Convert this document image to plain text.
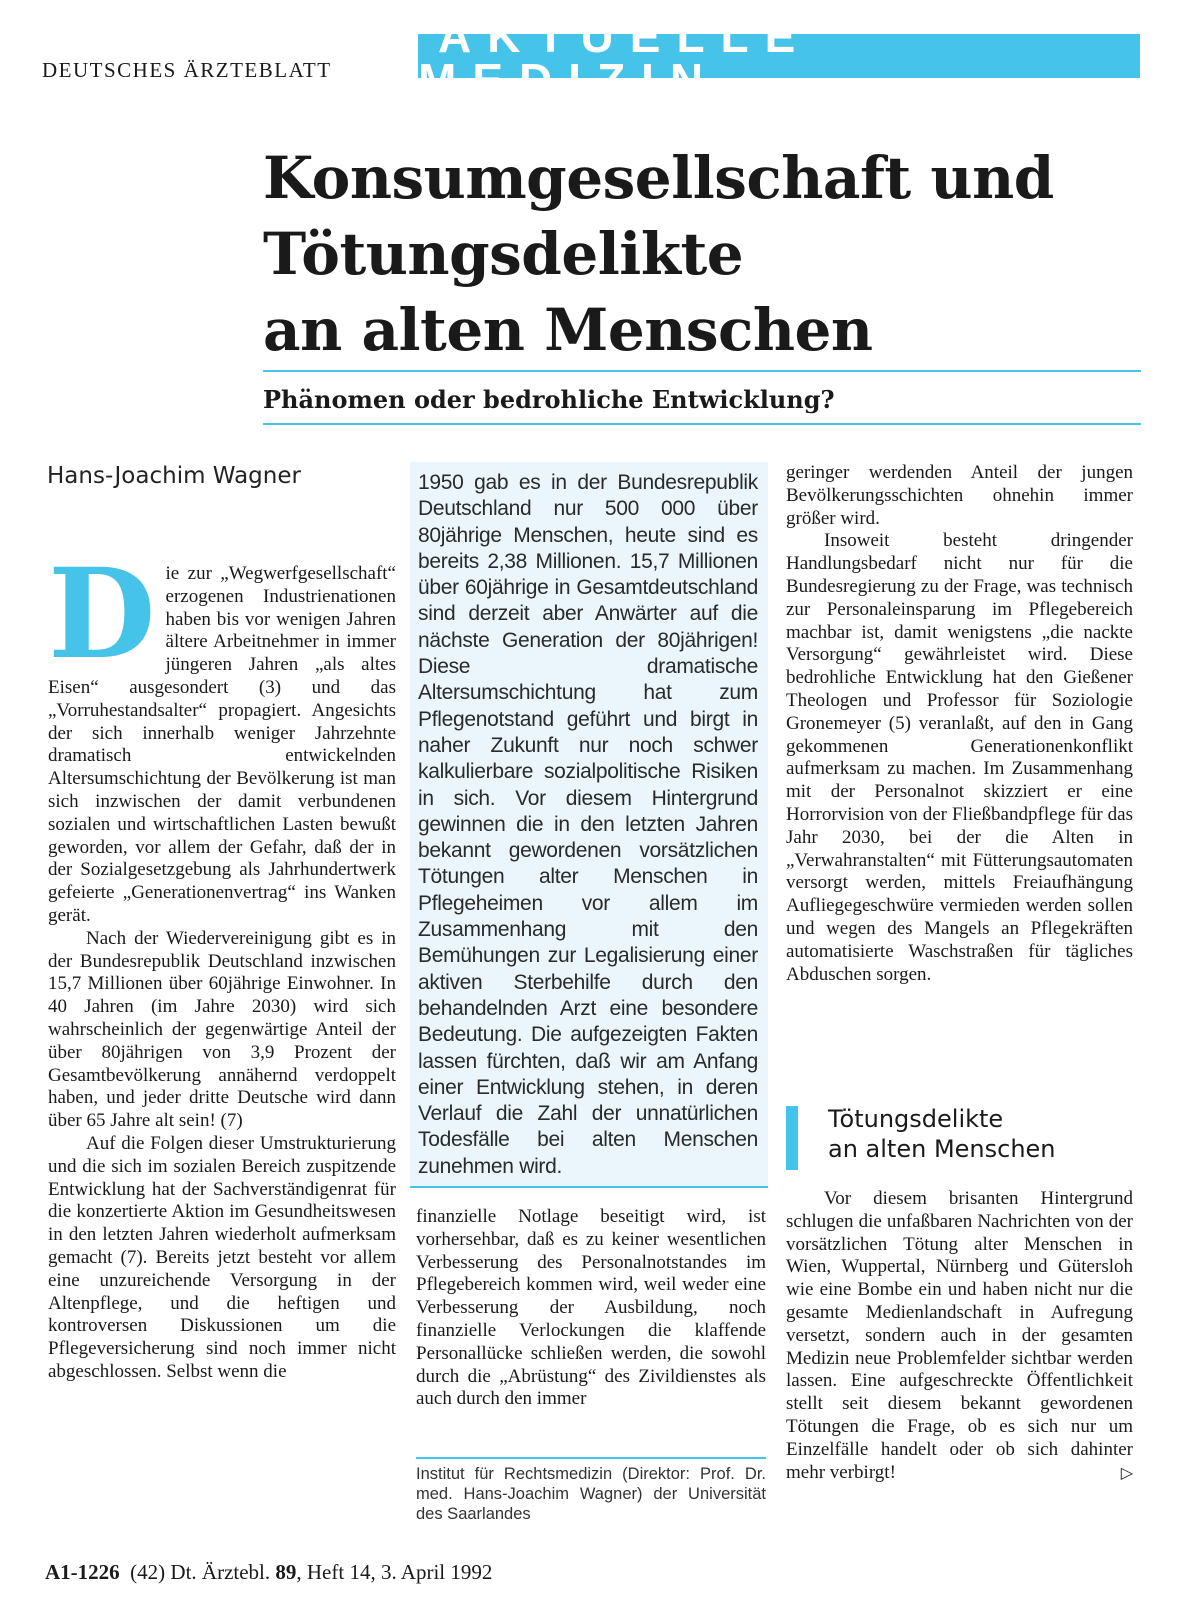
DEUTSCHES ÄRZTEBLATT
AKTUELLE MEDIZIN
Konsumgesellschaft und
Tötungsdelikte
an alten Menschen
Phänomen oder bedrohliche Entwicklung?
Hans-Joachim Wagner
D ie zur „Wegwerfgesellschaft“ erzogenen Industrienationen haben bis vor wenigen Jahren ältere Arbeitnehmer in immer jüngeren Jahren „als altes Eisen“ ausgesondert (3) und das „Vorruhestandsalter“ propagiert. Angesichts der sich innerhalb weniger Jahrzehnte dramatisch entwickelnden Altersumschichtung der Bevölkerung ist man sich inzwischen der damit verbundenen sozialen und wirtschaftlichen Lasten bewußt geworden, vor allem der Gefahr, daß der in der Sozialgesetzgebung als Jahrhundertwerk gefeierte „Generationenvertrag“ ins Wanken gerät.

Nach der Wiedervereinigung gibt es in der Bundesrepublik Deutschland inzwischen 15,7 Millionen über 60jährige Einwohner. In 40 Jahren (im Jahre 2030) wird sich wahrscheinlich der gegenwärtige Anteil der über 80jährigen von 3,9 Prozent der Gesamtbevölkerung annähernd verdoppelt haben, und jeder dritte Deutsche wird dann über 65 Jahre alt sein! (7)

Auf die Folgen dieser Umstrukturierung und die sich im sozialen Bereich zuspitzende Entwicklung hat der Sachverständigenrat für die konzertierte Aktion im Gesundheitswesen in den letzten Jahren wiederholt aufmerksam gemacht (7). Bereits jetzt besteht vor allem eine unzureichende Versorgung in der Altenpflege, und die heftigen und kontroversen Diskussionen um die Pflegeversicherung sind noch immer nicht abgeschlossen. Selbst wenn die

1950 gab es in der Bundesrepublik Deutschland nur 500 000 über 80jährige Menschen, heute sind es bereits 2,38 Millionen. 15,7 Millionen über 60jährige in Gesamtdeutschland sind derzeit aber Anwärter auf die nächste Generation der 80jährigen! Diese dramatische Altersumschichtung hat zum Pflegenotstand geführt und birgt in naher Zukunft nur noch schwer kalkulierbare sozialpolitische Risiken in sich. Vor diesem Hintergrund gewinnen die in den letzten Jahren bekannt gewordenen vorsätzlichen Tötungen alter Menschen in Pflegeheimen vor allem im Zusammenhang mit den Bemühungen zur Legalisierung einer aktiven Sterbehilfe durch den behandelnden Arzt eine besondere Bedeutung. Die aufgezeigten Fakten lassen fürchten, daß wir am Anfang einer Entwicklung stehen, in deren Verlauf die Zahl der unnatürlichen Todesfälle bei alten Menschen zunehmen wird.

finanzielle Notlage beseitigt wird, ist vorhersehbar, daß es zu keiner wesentlichen Verbesserung des Personalnotstandes im Pflegebereich kommen wird, weil weder eine Verbesserung der Ausbildung, noch finanzielle Verlockungen die klaffende Personallücke schließen werden, die sowohl durch die „Abrüstung“ des Zivildienstes als auch durch den immer

Institut für Rechtsmedizin (Direktor: Prof. Dr. med. Hans-Joachim Wagner) der Universität des Saarlandes

geringer werdenden Anteil der jungen Bevölkerungsschichten ohnehin immer größer wird.

Insoweit besteht dringender Handlungsbedarf nicht nur für die Bundesregierung zu der Frage, was technisch zur Personaleinsparung im Pflegebereich machbar ist, damit wenigstens „die nackte Versorgung“ gewährleistet wird. Diese bedrohliche Entwicklung hat den Gießener Theologen und Professor für Soziologie Gronemeyer (5) veranlaßt, auf den in Gang gekommenen Generationenkonflikt aufmerksam zu machen. Im Zusammenhang mit der Personalnot skizziert er eine Horrorvision von der Fließbandpflege für das Jahr 2030, bei der die Alten in „Verwahranstalten“ mit Fütterungsautomaten versorgt werden, mittels Freiaufhängung Aufliegegeschwüre vermieden werden sollen und wegen des Mangels an Pflegekräften automatisierte Waschstraßen für tägliches Abduschen sorgen.

Tötungsdelikte
an alten Menschen

Vor diesem brisanten Hintergrund schlugen die unfaßbaren Nachrichten von der vorsätzlichen Tötung alter Menschen in Wien, Wuppertal, Nürnberg und Gütersloh wie eine Bombe ein und haben nicht nur die gesamte Medienlandschaft in Aufregung versetzt, sondern auch in der gesamten Medizin neue Problemfelder sichtbar werden lassen. Eine aufgeschreckte Öffentlichkeit stellt seit diesem bekannt gewordenen Tötungen die Frage, ob es sich nur um Einzelfälle handelt oder ob sich dahinter mehr verbirgt!	▷

A1-1226 (42) Dt. Ärztebl. 89, Heft 14, 3. April 1992
